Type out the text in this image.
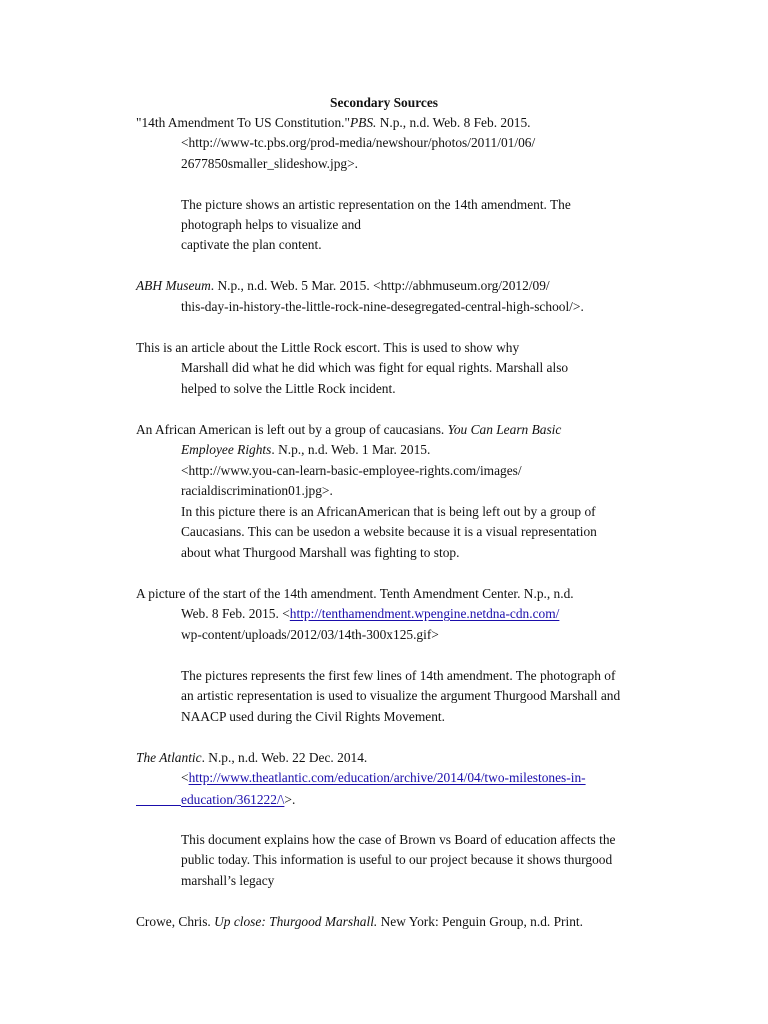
Secondary Sources
"14th Amendment To US Constitution."PBS. N.p., n.d. Web. 8 Feb. 2015.
<http://www-tc.pbs.org/prod-media/newshour/photos/2011/01/06/
2677850smaller_slideshow.jpg>.
The picture shows an artistic representation on the 14th amendment. The
photograph helps to visualize and
captivate the plan content.
ABH Museum. N.p., n.d. Web. 5 Mar. 2015. <http://abhmuseum.org/2012/09/
this-day-in-history-the-little-rock-nine-desegregated-central-high-school/>.
This is an article about the Little Rock escort. This is used to show why
Marshall did what he did which was fight for equal rights. Marshall also
helped to solve the Little Rock incident.
An African American is left out by a group of caucasians. You Can Learn Basic
Employee Rights. N.p., n.d. Web. 1 Mar. 2015.
<http://www.you-can-learn-basic-employee-rights.com/images/
racialdiscrimination01.jpg>.
In this picture there is an AfricanAmerican that is being left out by a group of
Caucasians. This can be usedon a website because it is a visual representation
about what Thurgood Marshall was fighting to stop.
A picture of the start of the 14th amendment. Tenth Amendment Center. N.p., n.d.
Web. 8 Feb. 2015. <http://tenthamendment.wpengine.netdna-cdn.com/
wp-content/uploads/2012/03/14th-300x125.gif>
The pictures represents the first few lines of 14th amendment. The photograph of
an artistic representation is used to visualize the argument Thurgood Marshall and
NAACP used during the Civil Rights Movement.
The Atlantic. N.p., n.d. Web. 22 Dec. 2014.
<http://www.theatlantic.com/education/archive/2014/04/two-milestones-in-
education/361222/\>.
This document explains how the case of Brown vs Board of education affects the
public today. This information is useful to our project because it shows thurgood
marshall’s legacy
Crowe, Chris. Up close: Thurgood Marshall. New York: Penguin Group, n.d. Print.
